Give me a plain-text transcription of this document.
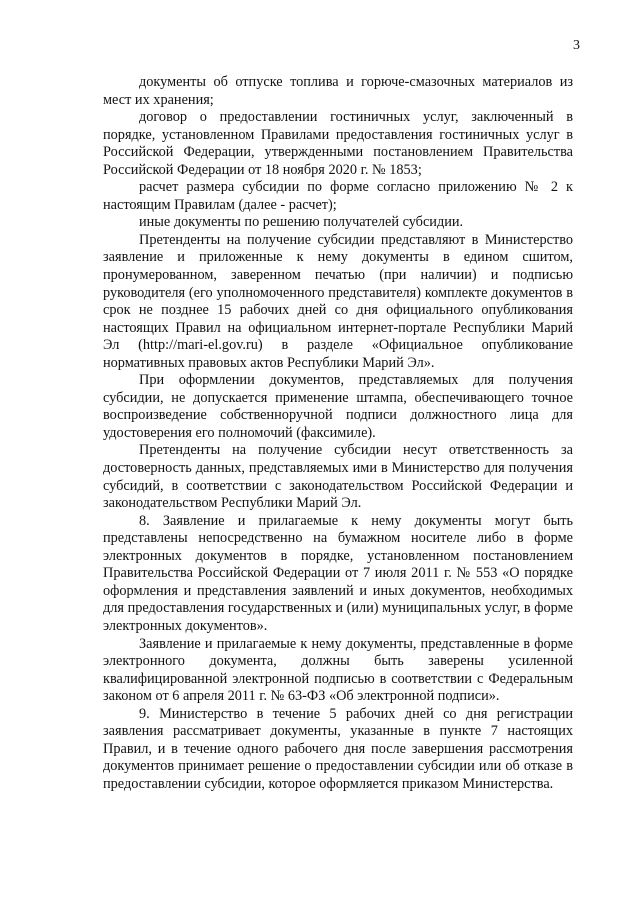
3

документы об отпуске топлива и горюче-смазочных материалов из мест их хранения;

договор о предоставлении гостиничных услуг, заключенный в порядке, установленном Правилами предоставления гостиничных услуг в Российской Федерации, утвержденными постановлением Правительства Российской Федерации от 18 ноября 2020 г. № 1853;

расчет размера субсидии по форме согласно приложению № 2 к настоящим Правилам (далее - расчет);

иные документы по решению получателей субсидии.

Претенденты на получение субсидии представляют в Министерство заявление и приложенные к нему документы в едином сшитом, пронумерованном, заверенном печатью (при наличии) и подписью руководителя (его уполномоченного представителя) комплекте документов в срок не позднее 15 рабочих дней со дня официального опубликования настоящих Правил на официальном интернет-портале Республики Марий Эл (http://mari-el.gov.ru) в разделе «Официальное опубликование нормативных правовых актов Республики Марий Эл».

При оформлении документов, представляемых для получения субсидии, не допускается применение штампа, обеспечивающего точное воспроизведение собственноручной подписи должностного лица для удостоверения его полномочий (факсимиле).

Претенденты на получение субсидии несут ответственность за достоверность данных, представляемых ими в Министерство для получения субсидий, в соответствии с законодательством Российской Федерации и законодательством Республики Марий Эл.

8. Заявление и прилагаемые к нему документы могут быть представлены непосредственно на бумажном носителе либо в форме электронных документов в порядке, установленном постановлением Правительства Российской Федерации от 7 июля 2011 г. № 553 «О порядке оформления и представления заявлений и иных документов, необходимых для предоставления государственных и (или) муниципальных услуг, в форме электронных документов».

Заявление и прилагаемые к нему документы, представленные в форме электронного документа, должны быть заверены усиленной квалифицированной электронной подписью в соответствии с Федеральным законом от 6 апреля 2011 г. № 63-ФЗ «Об электронной подписи».

9. Министерство в течение 5 рабочих дней со дня регистрации заявления рассматривает документы, указанные в пункте 7 настоящих Правил, и в течение одного рабочего дня после завершения рассмотрения документов принимает решение о предоставлении субсидии или об отказе в предоставлении субсидии, которое оформляется приказом Министерства.
